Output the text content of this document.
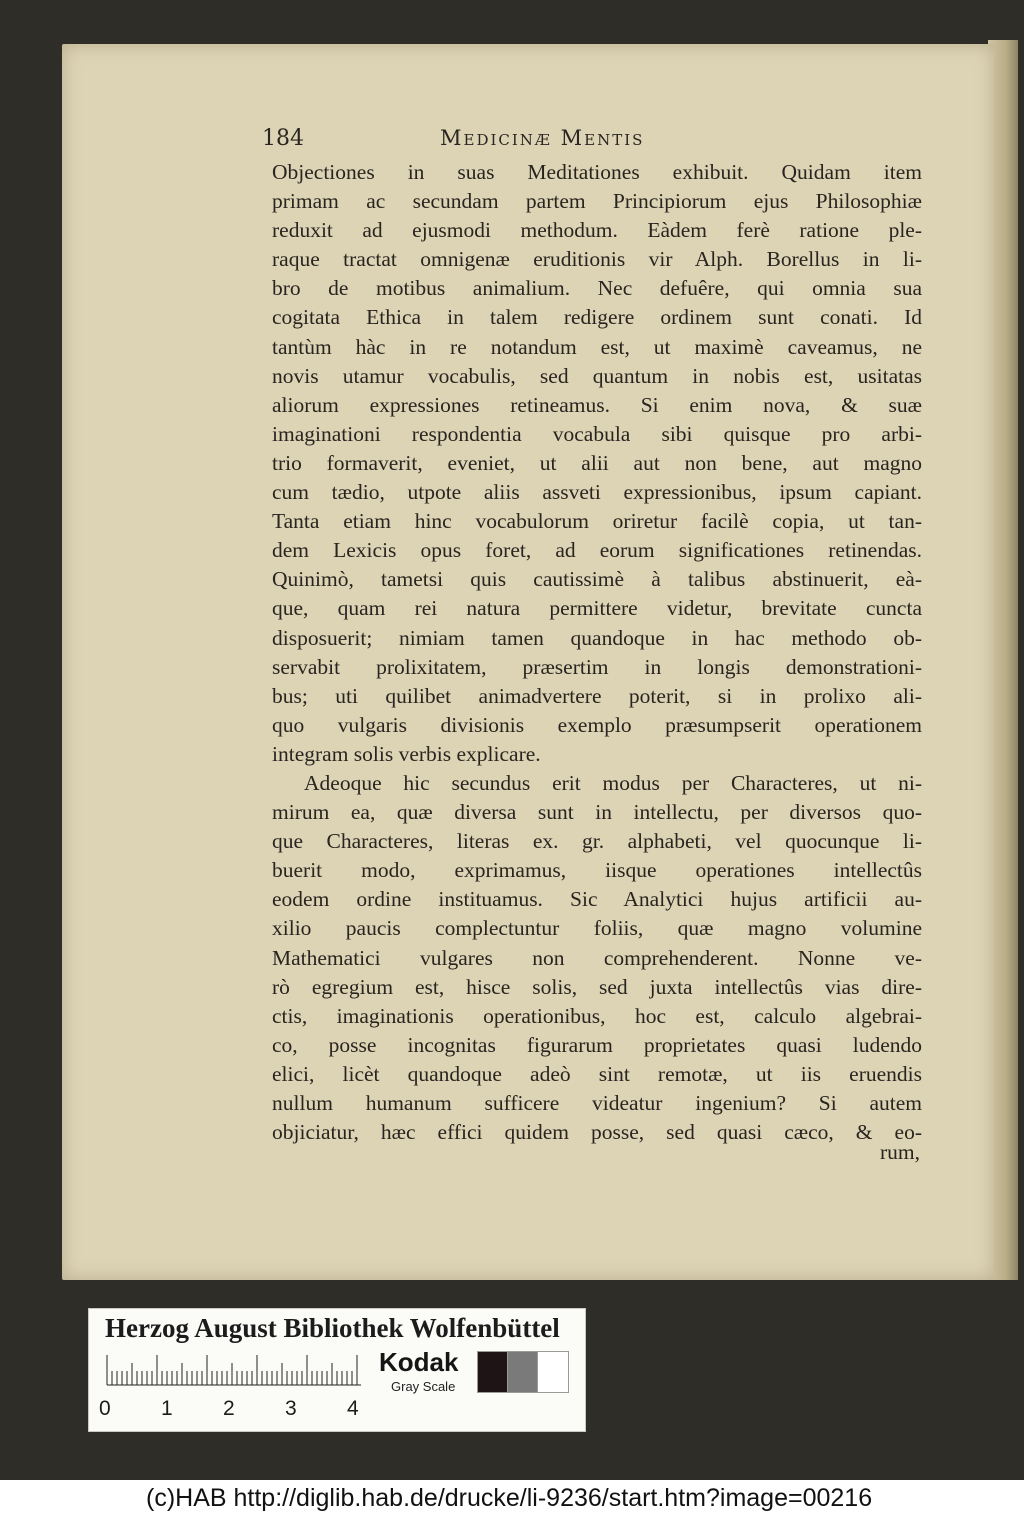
184	Medicinæ Mentis
Objectiones in suas Meditationes exhibuit. Quidam item
primam ac secundam partem Principiorum ejus Philosophiæ
reduxit ad ejusmodi methodum. Eàdem ferè ratione ple-
raque tractat omnigenæ eruditionis vir Alph. Borellus in li-
bro de motibus animalium. Nec defuêre, qui omnia sua
cogitata Ethica in talem redigere ordinem sunt conati. Id
tantùm hàc in re notandum est, ut maximè caveamus, ne
novis utamur vocabulis, sed quantum in nobis est, usitatas
aliorum expressiones retineamus. Si enim nova, & suæ
imaginationi respondentia vocabula sibi quisque pro arbi-
trio formaverit, eveniet, ut alii aut non bene, aut magno
cum tædio, utpote aliis assveti expressionibus, ipsum capiant.
Tanta etiam hinc vocabulorum oriretur facilè copia, ut tan-
dem Lexicis opus foret, ad eorum significationes retinendas.
Quinimò, tametsi quis cautissimè à talibus abstinuerit, eà-
que, quam rei natura permittere videtur, brevitate cuncta
disposuerit; nimiam tamen quandoque in hac methodo ob-
servabit prolixitatem, præsertim in longis demonstrationi-
bus; uti quilibet animadvertere poterit, si in prolixo ali-
quo vulgaris divisionis exemplo præsumpserit operationem
integram solis verbis explicare.
Adeoque hic secundus erit modus per Characteres, ut ni-
mirum ea, quæ diversa sunt in intellectu, per diversos quo-
que Characteres, literas ex. gr. alphabeti, vel quocunque li-
buerit modo, exprimamus, iisque operationes intellectûs
eodem ordine instituamus. Sic Analytici hujus artificii au-
xilio paucis complectuntur foliis, quæ magno volumine
Mathematici vulgares non comprehenderent. Nonne ve-
rò egregium est, hisce solis, sed juxta intellectûs vias dire-
ctis, imaginationis operationibus, hoc est, calculo algebrai-
co, posse incognitas figurarum proprietates quasi ludendo
elici, licèt quandoque adeò sint remotæ, ut iis eruendis
nullum humanum sufficere videatur ingenium? Si autem
objiciatur, hæc effici quidem posse, sed quasi cæco, & eo-
rum,
Herzog August Bibliothek Wolfenbüttel
0 1 2 3 4
Kodak
Gray Scale
(c)HAB http://diglib.hab.de/drucke/li-9236/start.htm?image=00216
